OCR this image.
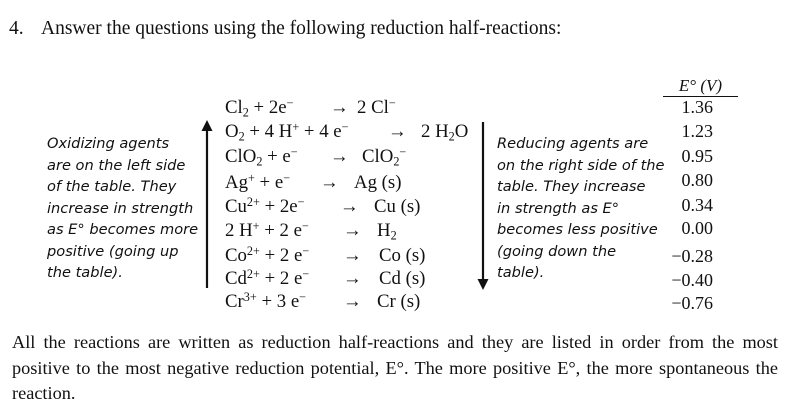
4. Answer the questions using the following reduction half-reactions:
Oxidizing agents
are on the left side
of the table. They
increase in strength
as E° becomes more
positive (going up
the table).
Reducing agents are
on the right side of the
table. They increase
in strength as E°
becomes less positive
(going down the
table).
$Cl_2 + 2e^- \to 2$ Cl−
$O_2 + 4$ H+ + 4 e− → 2 $H_2O$
ClO$_2$ + e− → ClO$_2$−
Ag+ + e− → Ag (s)
$Cu^{2+} + 2e^- \to Cu$ (s)
2 H+ + 2 $e^- \to H_2$
$Co^{2+} + 2$ e− → Co (s)
$Cd^{2+} + 2$ e− → Cd (s)
$Cr^{3+} + 3$ e− → Cr (s)
E° (V)
1.36
1.23
0.95
0.80
0.34
0.00
−0.28
−0.40
−0.76
All the reactions are written as reduction half-reactions and they are listed in order from the most positive to the most negative reduction potential, E°. The more positive E°, the more spontaneous the reaction.
